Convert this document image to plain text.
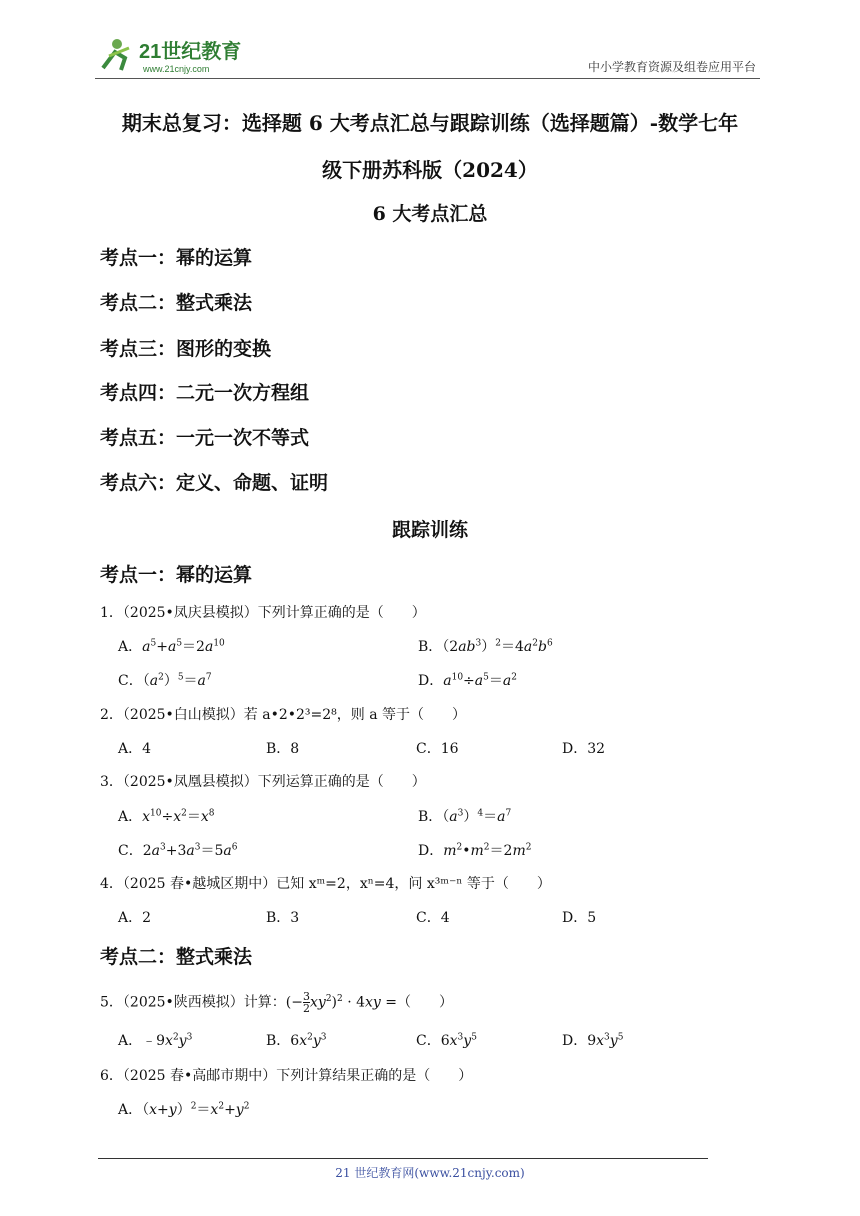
21世纪教育
www.21cnjy.com	中小学教育资源及组卷应用平台
期末总复习：选择题 6 大考点汇总与跟踪训练（选择题篇）-数学七年
级下册苏科版（2024）
6 大考点汇总
考点一：幂的运算
考点二：整式乘法
考点三：图形的变换
考点四：二元一次方程组
考点五：一元一次不等式
考点六：定义、命题、证明
跟踪训练
考点一：幂的运算
1．（2025•凤庆县模拟）下列计算正确的是（　　）
A．$a^5+a^5=2a^{10}$	B．$(2ab^3)^2=4a^2b^6$
C．$(a^2)^5=a^7$	D．$a^{10}\div a^5=a^2$
2．（2025•白山模拟）若 a•2•2³=2⁸，则 a 等于（　　）
A．4	B．8	C．16	D．32
3．（2025•凤凰县模拟）下列运算正确的是（　　）
A．$x^{10}\div x^2=x^8$	B．$(a^3)^4=a^7$
C．$2a^3+3a^3=5a^6$	D．$m^2•m^2=2m^2$
4．（2025 春•越城区期中）已知 xᵐ=2，xⁿ=4，问 x³ᵐ⁻ⁿ 等于（　　）
A．2	B．3	C．4	D．5
考点二：整式乘法
5．（2025•陕西模拟）计算：(− $\frac{3}{2} xy^2)^2 \cdot 4xy$ =（　　）
A．$﹣9x^2y^3$	B．$6x^2y^3$	C．$6x^3y^5$	D．$9x^3y^5$
6．（2025 春•高邮市期中）下列计算结果正确的是（　　）
A．$(x+y)^2=x^2+y^2$
21 世纪教育网(www.21cnjy.com)
